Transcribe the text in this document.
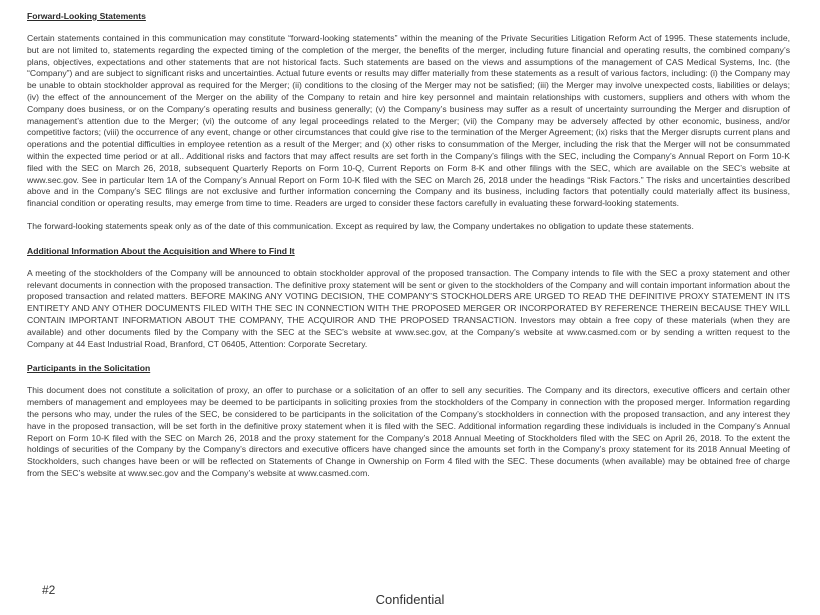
Forward-Looking Statements

Certain statements contained in this communication may constitute “forward-looking statements” within the meaning of the Private Securities Litigation Reform Act of 1995. These statements include, but are not limited to, statements regarding the expected timing of the completion of the merger, the benefits of the merger, including future financial and operating results, the combined company’s plans, objectives, expectations and other statements that are not historical facts. Such statements are based on the views and assumptions of the management of CAS Medical Systems, Inc. (the “Company”) and are subject to significant risks and uncertainties. Actual future events or results may differ materially from these statements as a result of various factors, including: (i) the Company may be unable to obtain stockholder approval as required for the Merger; (ii) conditions to the closing of the Merger may not be satisfied; (iii) the Merger may involve unexpected costs, liabilities or delays; (iv) the effect of the announcement of the Merger on the ability of the Company to retain and hire key personnel and maintain relationships with customers, suppliers and others with whom the Company does business, or on the Company’s operating results and business generally; (v) the Company’s business may suffer as a result of uncertainty surrounding the Merger and disruption of management’s attention due to the Merger; (vi) the outcome of any legal proceedings related to the Merger; (vii) the Company may be adversely affected by other economic, business, and/or competitive factors; (viii) the occurrence of any event, change or other circumstances that could give rise to the termination of the Merger Agreement; (ix) risks that the Merger disrupts current plans and operations and the potential difficulties in employee retention as a result of the Merger; and (x) other risks to consummation of the Merger, including the risk that the Merger will not be consummated within the expected time period or at all.. Additional risks and factors that may affect results are set forth in the Company’s filings with the SEC, including the Company’s Annual Report on Form 10-K filed with the SEC on March 26, 2018, subsequent Quarterly Reports on Form 10-Q, Current Reports on Form 8-K and other filings with the SEC, which are available on the SEC’s website at www.sec.gov. See in particular Item 1A of the Company’s Annual Report on Form 10-K filed with the SEC on March 26, 2018 under the headings “Risk Factors.” The risks and uncertainties described above and in the Company’s SEC filings are not exclusive and further information concerning the Company and its business, including factors that potentially could materially affect its business, financial condition or operating results, may emerge from time to time. Readers are urged to consider these factors carefully in evaluating these forward-looking statements.

The forward-looking statements speak only as of the date of this communication. Except as required by law, the Company undertakes no obligation to update these statements.

Additional Information About the Acquisition and Where to Find It

A meeting of the stockholders of the Company will be announced to obtain stockholder approval of the proposed transaction. The Company intends to file with the SEC a proxy statement and other relevant documents in connection with the proposed transaction. The definitive proxy statement will be sent or given to the stockholders of the Company and will contain important information about the proposed transaction and related matters. BEFORE MAKING ANY VOTING DECISION, THE COMPANY’S STOCKHOLDERS ARE URGED TO READ THE DEFINITIVE PROXY STATEMENT IN ITS ENTIRETY AND ANY OTHER DOCUMENTS FILED WITH THE SEC IN CONNECTION WITH THE PROPOSED MERGER OR INCORPORATED BY REFERENCE THEREIN BECAUSE THEY WILL CONTAIN IMPORTANT INFORMATION ABOUT THE COMPANY, THE ACQUIROR AND THE PROPOSED TRANSACTION. Investors may obtain a free copy of these materials (when they are available) and other documents filed by the Company with the SEC at the SEC’s website at www.sec.gov, at the Company’s website at www.casmed.com or by sending a written request to the Company at 44 East Industrial Road, Branford, CT 06405, Attention: Corporate Secretary.

Participants in the Solicitation

This document does not constitute a solicitation of proxy, an offer to purchase or a solicitation of an offer to sell any securities. The Company and its directors, executive officers and certain other members of management and employees may be deemed to be participants in soliciting proxies from the stockholders of the Company in connection with the proposed merger. Information regarding the persons who may, under the rules of the SEC, be considered to be participants in the solicitation of the Company’s stockholders in connection with the proposed transaction, and any interest they have in the proposed transaction, will be set forth in the definitive proxy statement when it is filed with the SEC. Additional information regarding these individuals is included in the Company’s Annual Report on Form 10-K filed with the SEC on March 26, 2018 and the proxy statement for the Company’s 2018 Annual Meeting of Stockholders filed with the SEC on April 26, 2018. To the extent the holdings of securities of the Company by the Company’s directors and executive officers have changed since the amounts set forth in the Company’s proxy statement for its 2018 Annual Meeting of Stockholders, such changes have been or will be reflected on Statements of Change in Ownership on Form 4 filed with the SEC. These documents (when available) may be obtained free of charge from the SEC’s website at www.sec.gov and the Company’s website at www.casmed.com.

#2
Confidential
